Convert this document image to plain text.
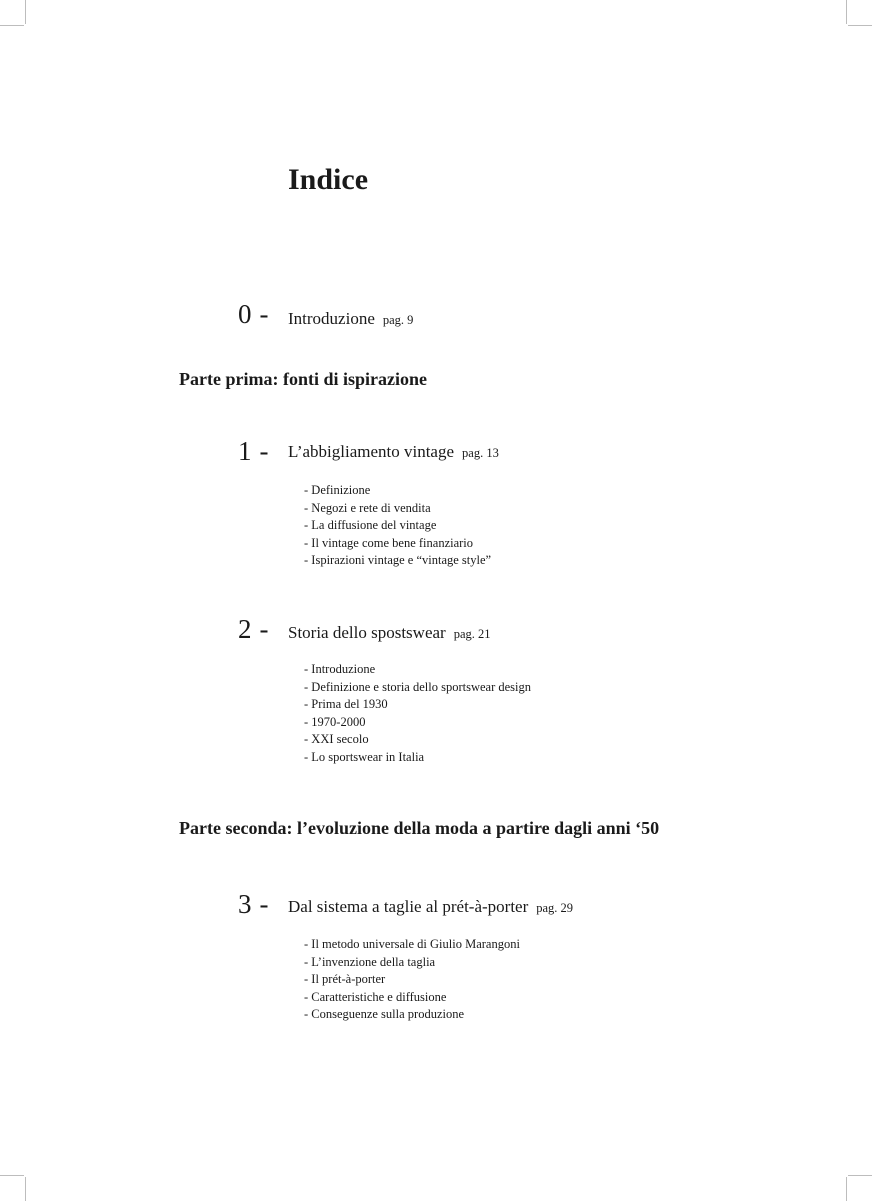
Indice
0 - Introduzione pag. 9
Parte prima: fonti di ispirazione
1 - L’abbigliamento vintage pag. 13
- Definizione
- Negozi e rete di vendita
- La diffusione del vintage
- Il vintage come bene finanziario
- Ispirazioni vintage e “vintage style”
2 - Storia dello spostswear pag. 21
- Introduzione
- Definizione e storia dello sportswear design
- Prima del 1930
- 1970-2000
- XXI secolo
- Lo sportswear in Italia
Parte seconda: l’evoluzione della moda a partire dagli anni ‘50
3 - Dal sistema a taglie al prét-à-porter pag. 29
- Il metodo universale di Giulio Marangoni
- L’invenzione della taglia
- Il prét-à-porter
- Caratteristiche e diffusione
- Conseguenze sulla produzione
